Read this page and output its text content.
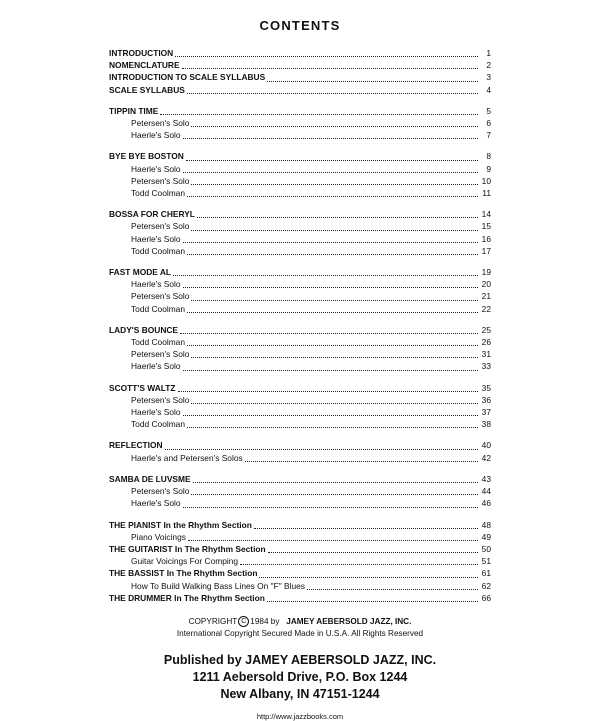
CONTENTS
INTRODUCTION	1
NOMENCLATURE	2
INTRODUCTION TO SCALE SYLLABUS	3
SCALE SYLLABUS	4
TIPPIN TIME	5
Petersen's Solo	6
Haerle's Solo	7
BYE BYE BOSTON	8
Haerle's Solo	9
Petersen's Solo	10
Todd Coolman	11
BOSSA FOR CHERYL	14
Petersen's Solo	15
Haerle's Solo	16
Todd Coolman	17
FAST MODE AL	19
Haerle's Solo	20
Petersen's Solo	21
Todd Coolman	22
LADY'S BOUNCE	25
Todd Coolman	26
Petersen's Solo	31
Haerle's Solo	33
SCOTT'S WALTZ	35
Petersen's Solo	36
Haerle's Solo	37
Todd Coolman	38
REFLECTION	40
Haerle's and Petersen's Solos	42
SAMBA DE LUVSME	43
Petersen's Solo	44
Haerle's Solo	46
THE PIANIST In the Rhythm Section	48
Piano Voicings	49
THE GUITARIST In The Rhythm Section	50
Guitar Voicings For Comping	51
THE BASSIST In The Rhythm Section	61
How To Build Walking Bass Lines On "F" Blues	62
THE DRUMMER In The Rhythm Section	66
COPYRIGHT C 1984 by JAMEY AEBERSOLD JAZZ, INC.
International Copyright Secured Made in U.S.A. All Rights Reserved
Published by JAMEY AEBERSOLD JAZZ, INC.
1211 Aebersold Drive, P.O. Box 1244
New Albany, IN 47151-1244
http://www.jazzbooks.com
